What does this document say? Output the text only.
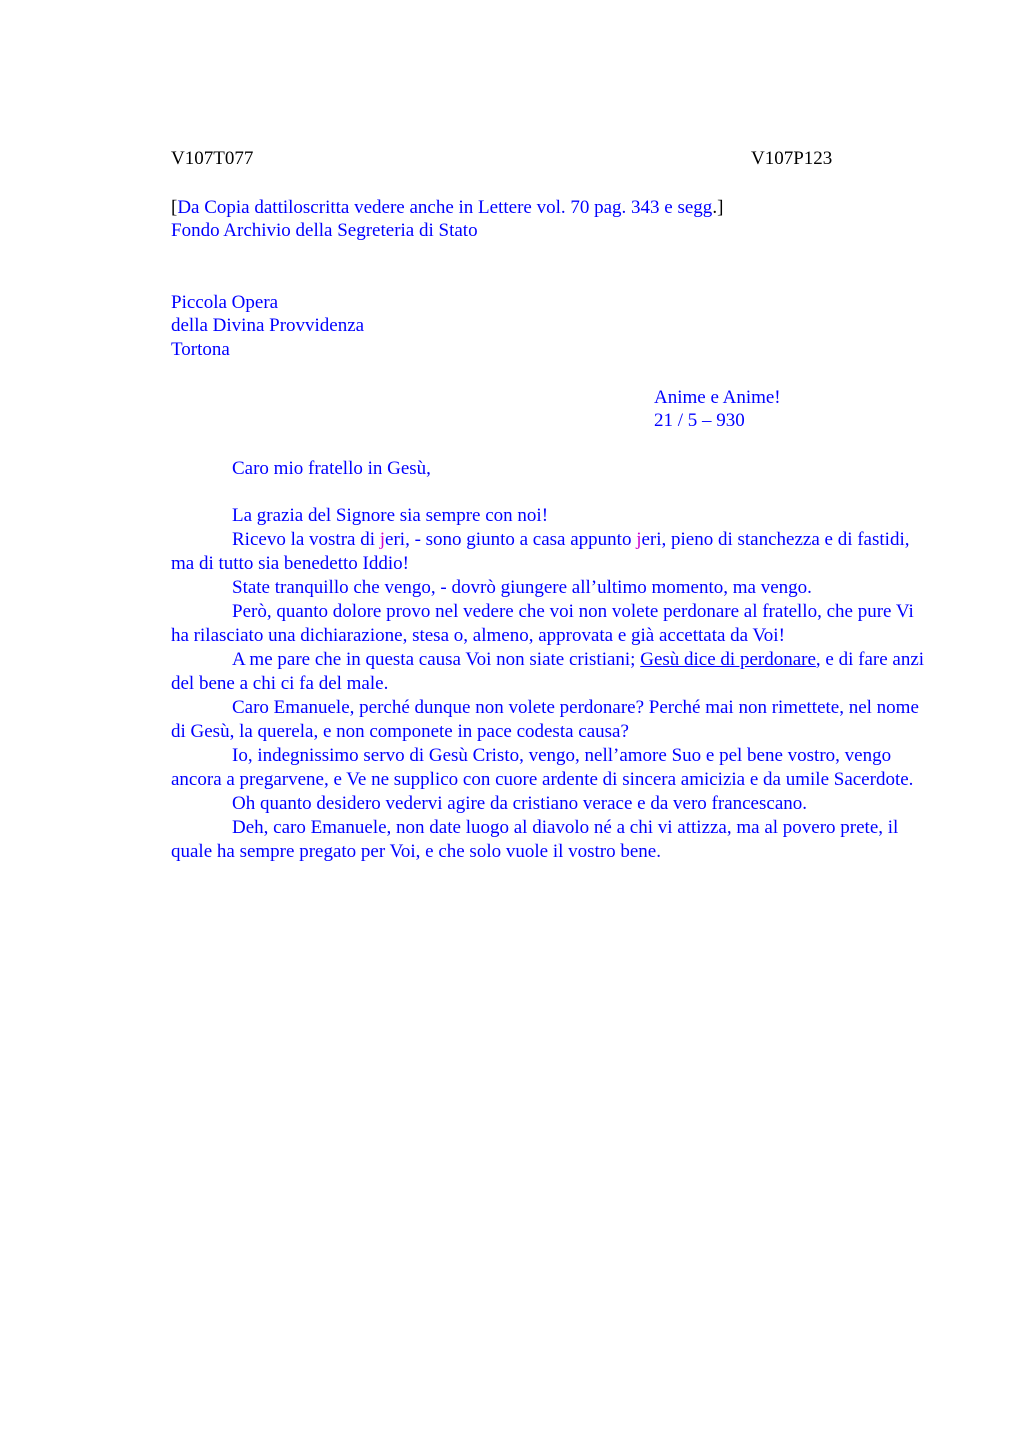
V107T077	V107P123
[Da Copia dattiloscritta vedere anche in Lettere vol. 70 pag. 343 e segg.]
Fondo Archivio della Segreteria di Stato
Piccola Opera
della Divina Provvidenza
Tortona
Anime e Anime!
21 / 5 – 930
Caro mio fratello in Gesù,

La grazia del Signore sia sempre con noi!

Ricevo la vostra di jeri, - sono giunto a casa appunto jeri, pieno di stanchezza e di fastidi, ma di tutto sia benedetto Iddio!

State tranquillo che vengo, - dovrò giungere all’ultimo momento, ma vengo.

Però, quanto dolore provo nel vedere che voi non volete perdonare al fratello, che pure Vi ha rilasciato una dichiarazione, stesa o, almeno, approvata e già accettata da Voi!

A me pare che in questa causa Voi non siate cristiani; Gesù dice di perdonare, e di fare anzi del bene a chi ci fa del male.

Caro Emanuele, perché dunque non volete perdonare? Perché mai non rimettete, nel nome di Gesù, la querela, e non componete in pace codesta causa?

Io, indegnissimo servo di Gesù Cristo, vengo, nell’amore Suo e pel bene vostro, vengo ancora a pregarvene, e Ve ne supplico con cuore ardente di sincera amicizia e da umile Sacerdote.

Oh quanto desidero vedervi agire da cristiano verace e da vero francescano.

Deh, caro Emanuele, non date luogo al diavolo né a chi vi attizza, ma al povero prete, il quale ha sempre pregato per Voi, e che solo vuole il vostro bene.
